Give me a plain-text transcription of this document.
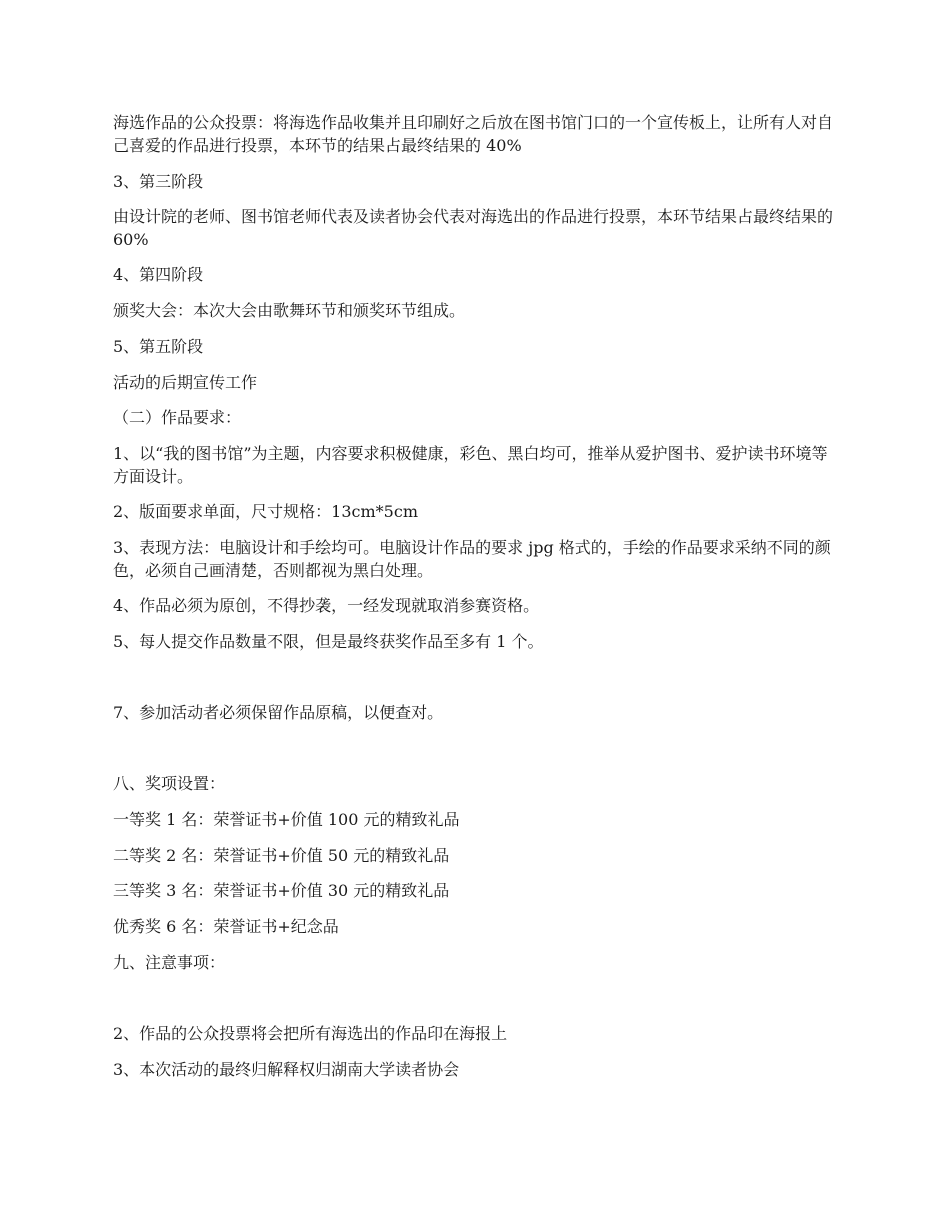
海选作品的公众投票：将海选作品收集并且印刷好之后放在图书馆门口的一个宣传板上，让所有人对自己喜爱的作品进行投票，本环节的结果占最终结果的 40%

3、第三阶段

由设计院的老师、图书馆老师代表及读者协会代表对海选出的作品进行投票，本环节结果占最终结果的 60%

4、第四阶段

颁奖大会：本次大会由歌舞环节和颁奖环节组成。

5、第五阶段

活动的后期宣传工作

（二）作品要求：

1、以“我的图书馆”为主题，内容要求积极健康，彩色、黑白均可，推举从爱护图书、爱护读书环境等方面设计。

2、版面要求单面，尺寸规格：13cm*5cm

3、表现方法：电脑设计和手绘均可。电脑设计作品的要求 jpg 格式的，手绘的作品要求采纳不同的颜色，必须自己画清楚，否则都视为黑白处理。

4、作品必须为原创，不得抄袭，一经发现就取消参赛资格。

5、每人提交作品数量不限，但是最终获奖作品至多有 1 个。

7、参加活动者必须保留作品原稿，以便查对。

八、奖项设置：

一等奖 1 名：荣誉证书+价值 100 元的精致礼品

二等奖 2 名：荣誉证书+价值 50 元的精致礼品

三等奖 3 名：荣誉证书+价值 30 元的精致礼品

优秀奖 6 名：荣誉证书+纪念品

九、注意事项：

2、作品的公众投票将会把所有海选出的作品印在海报上

3、本次活动的最终归解释权归湖南大学读者协会
